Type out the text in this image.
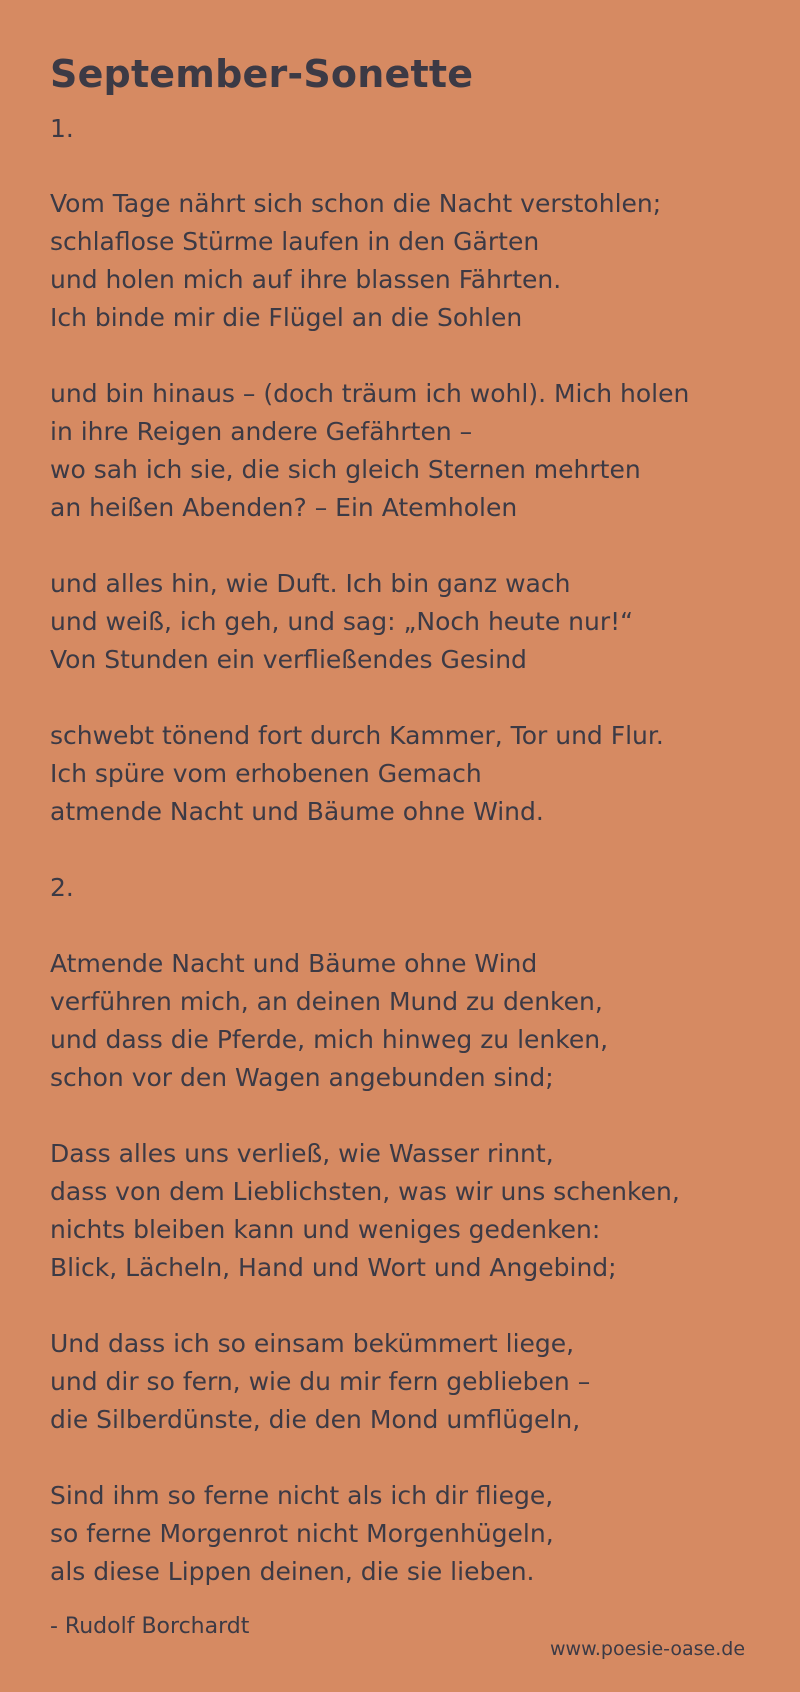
September-Sonette
1.
Vom Tage nährt sich schon die Nacht verstohlen;
schlaflose Stürme laufen in den Gärten
und holen mich auf ihre blassen Fährten.
Ich binde mir die Flügel an die Sohlen
und bin hinaus – (doch träum ich wohl). Mich holen
in ihre Reigen andere Gefährten –
wo sah ich sie, die sich gleich Sternen mehrten
an heißen Abenden? – Ein Atemholen
und alles hin, wie Duft. Ich bin ganz wach
und weiß, ich geh, und sag: „Noch heute nur!“
Von Stunden ein verfließendes Gesind
schwebt tönend fort durch Kammer, Tor und Flur.
Ich spüre vom erhobenen Gemach
atmende Nacht und Bäume ohne Wind.
2.
Atmende Nacht und Bäume ohne Wind
verführen mich, an deinen Mund zu denken,
und dass die Pferde, mich hinweg zu lenken,
schon vor den Wagen angebunden sind;
Dass alles uns verließ, wie Wasser rinnt,
dass von dem Lieblichsten, was wir uns schenken,
nichts bleiben kann und weniges gedenken:
Blick, Lächeln, Hand und Wort und Angebind;
Und dass ich so einsam bekümmert liege,
und dir so fern, wie du mir fern geblieben –
die Silberdünste, die den Mond umflügeln,
Sind ihm so ferne nicht als ich dir fliege,
so ferne Morgenrot nicht Morgenhügeln,
als diese Lippen deinen, die sie lieben.
- Rudolf Borchardt
www.poesie-oase.de
